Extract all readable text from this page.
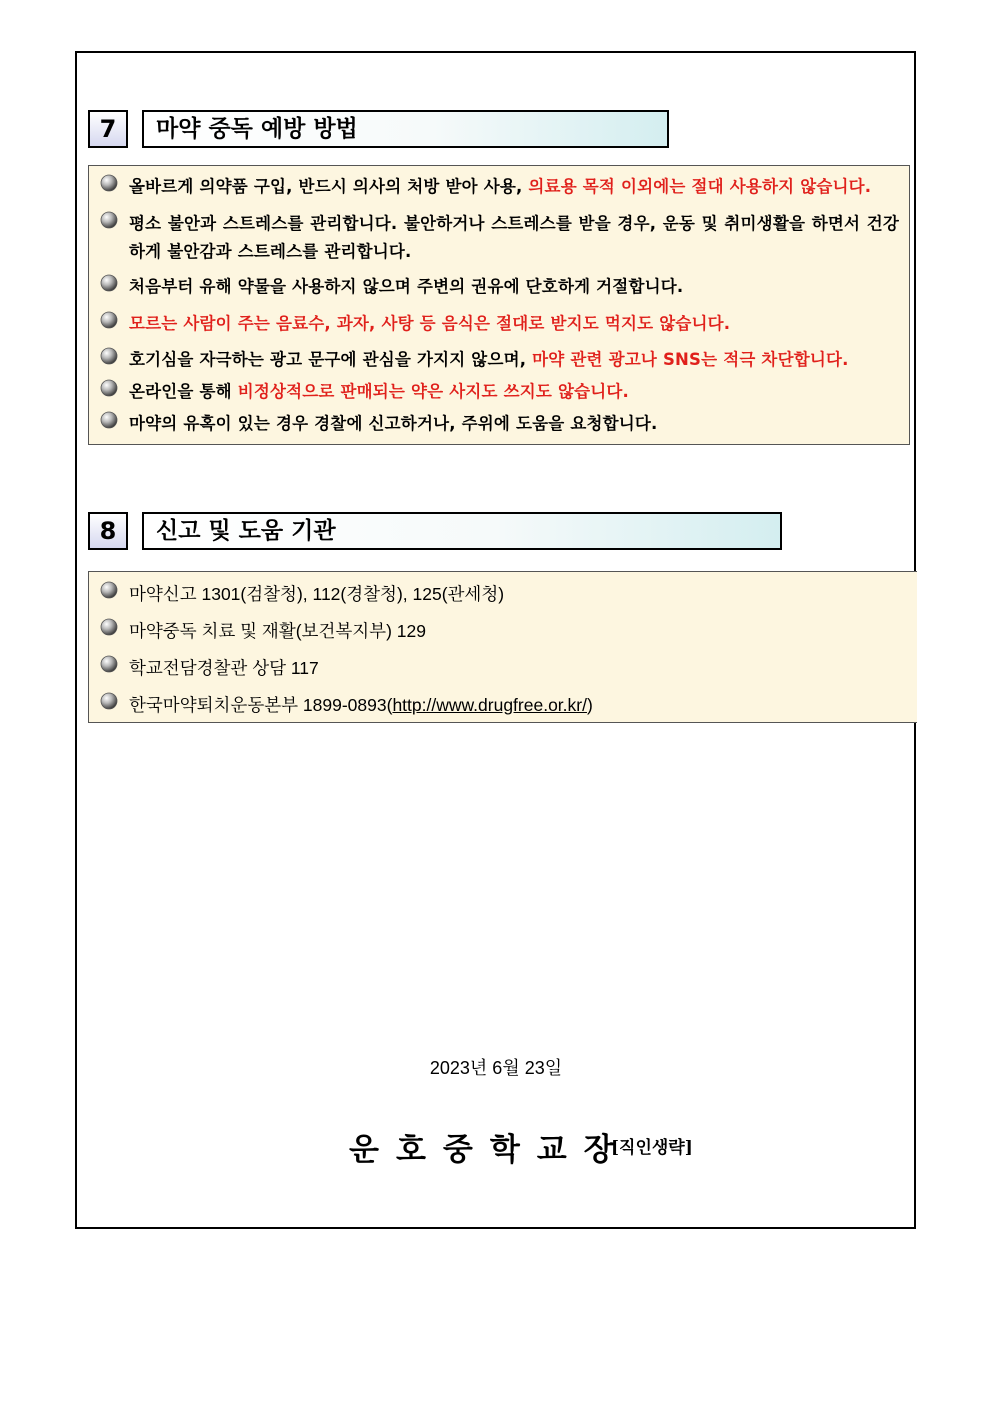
7	마약 중독 예방 방법
올바르게 의약품 구입, 반드시 의사의 처방 받아 사용, 의료용 목적 이외에는 절대 사용하지 않습니다.
평소 불안과 스트레스를 관리합니다. 불안하거나 스트레스를 받을 경우, 운동 및 취미생활을 하면서 건강하게 불안감과 스트레스를 관리합니다.
처음부터 유해 약물을 사용하지 않으며 주변의 권유에 단호하게 거절합니다.
모르는 사람이 주는 음료수, 과자, 사탕 등 음식은 절대로 받지도 먹지도 않습니다.
호기심을 자극하는 광고 문구에 관심을 가지지 않으며, 마약 관련 광고나 SNS는 적극 차단합니다.
온라인을 통해 비정상적으로 판매되는 약은 사지도 쓰지도 않습니다.
마약의 유혹이 있는 경우 경찰에 신고하거나, 주위에 도움을 요청합니다.
8	신고 및 도움 기관
마약신고 1301(검찰청), 112(경찰청), 125(관세청)
마약중독 치료 및 재활(보건복지부) 129
학교전담경찰관 상담 117
한국마약퇴치운동본부 1899-0893(http://www.drugfree.or.kr/)
2023년 6월 23일
운호중학교장
[직인생략]
